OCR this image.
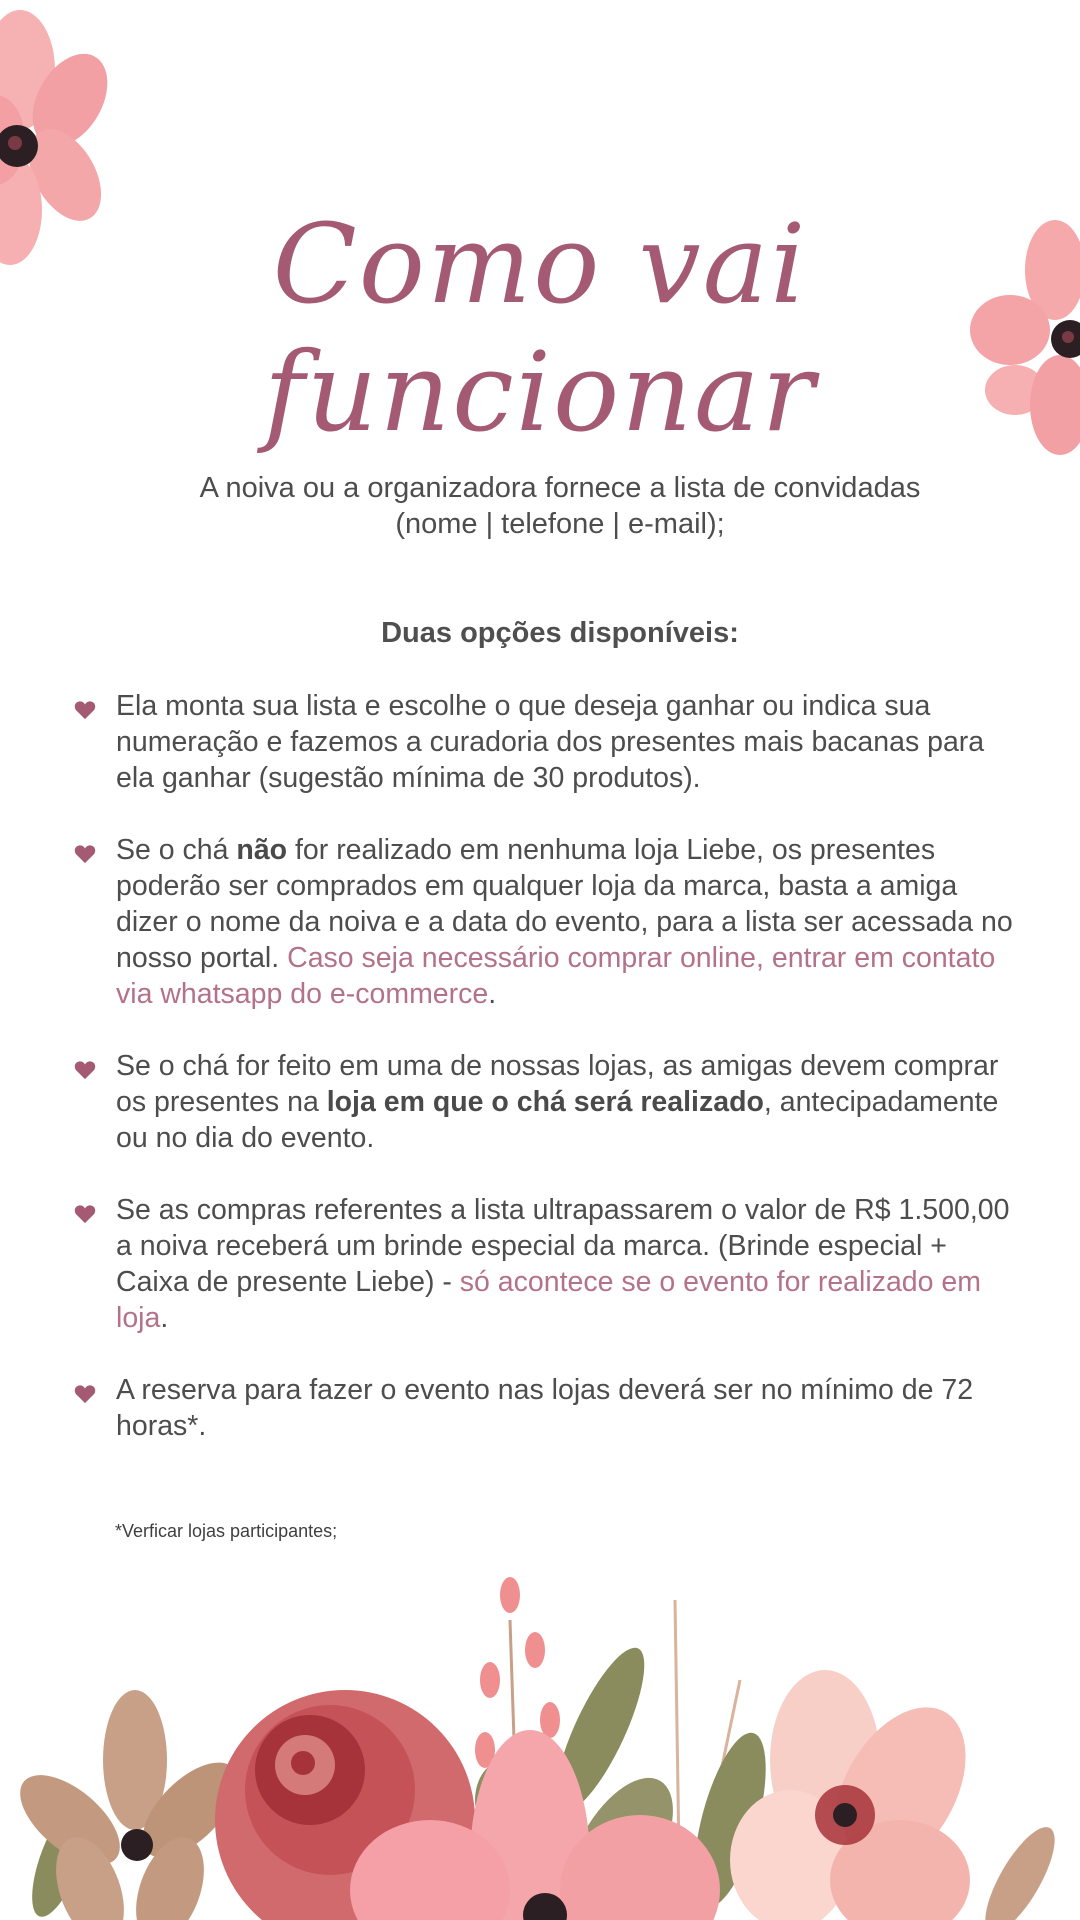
Como vai funcionar
A noiva ou a organizadora fornece a lista de convidadas
(nome | telefone | e-mail);
Duas opções disponíveis:
Ela monta sua lista e escolhe o que deseja ganhar ou indica sua numeração e fazemos a curadoria dos presentes mais bacanas para ela ganhar (sugestão mínima de 30 produtos).
Se o chá não for realizado em nenhuma loja Liebe, os presentes poderão ser comprados em qualquer loja da marca, basta a amiga dizer o nome da noiva e a data do evento, para a lista ser acessada no nosso portal. Caso seja necessário comprar online, entrar em contato via whatsapp do e-commerce.
Se o chá for feito em uma de nossas lojas, as amigas devem comprar os presentes na loja em que o chá será realizado, antecipadamente ou no dia do evento.
Se as compras referentes a lista ultrapassarem o valor de R$ 1.500,00 a noiva receberá um brinde especial da marca. (Brinde especial + Caixa de presente Liebe) - só acontece se o evento for realizado em loja.
A reserva para fazer o evento nas lojas deverá ser no mínimo de 72 horas*.
*Verficar lojas participantes;
